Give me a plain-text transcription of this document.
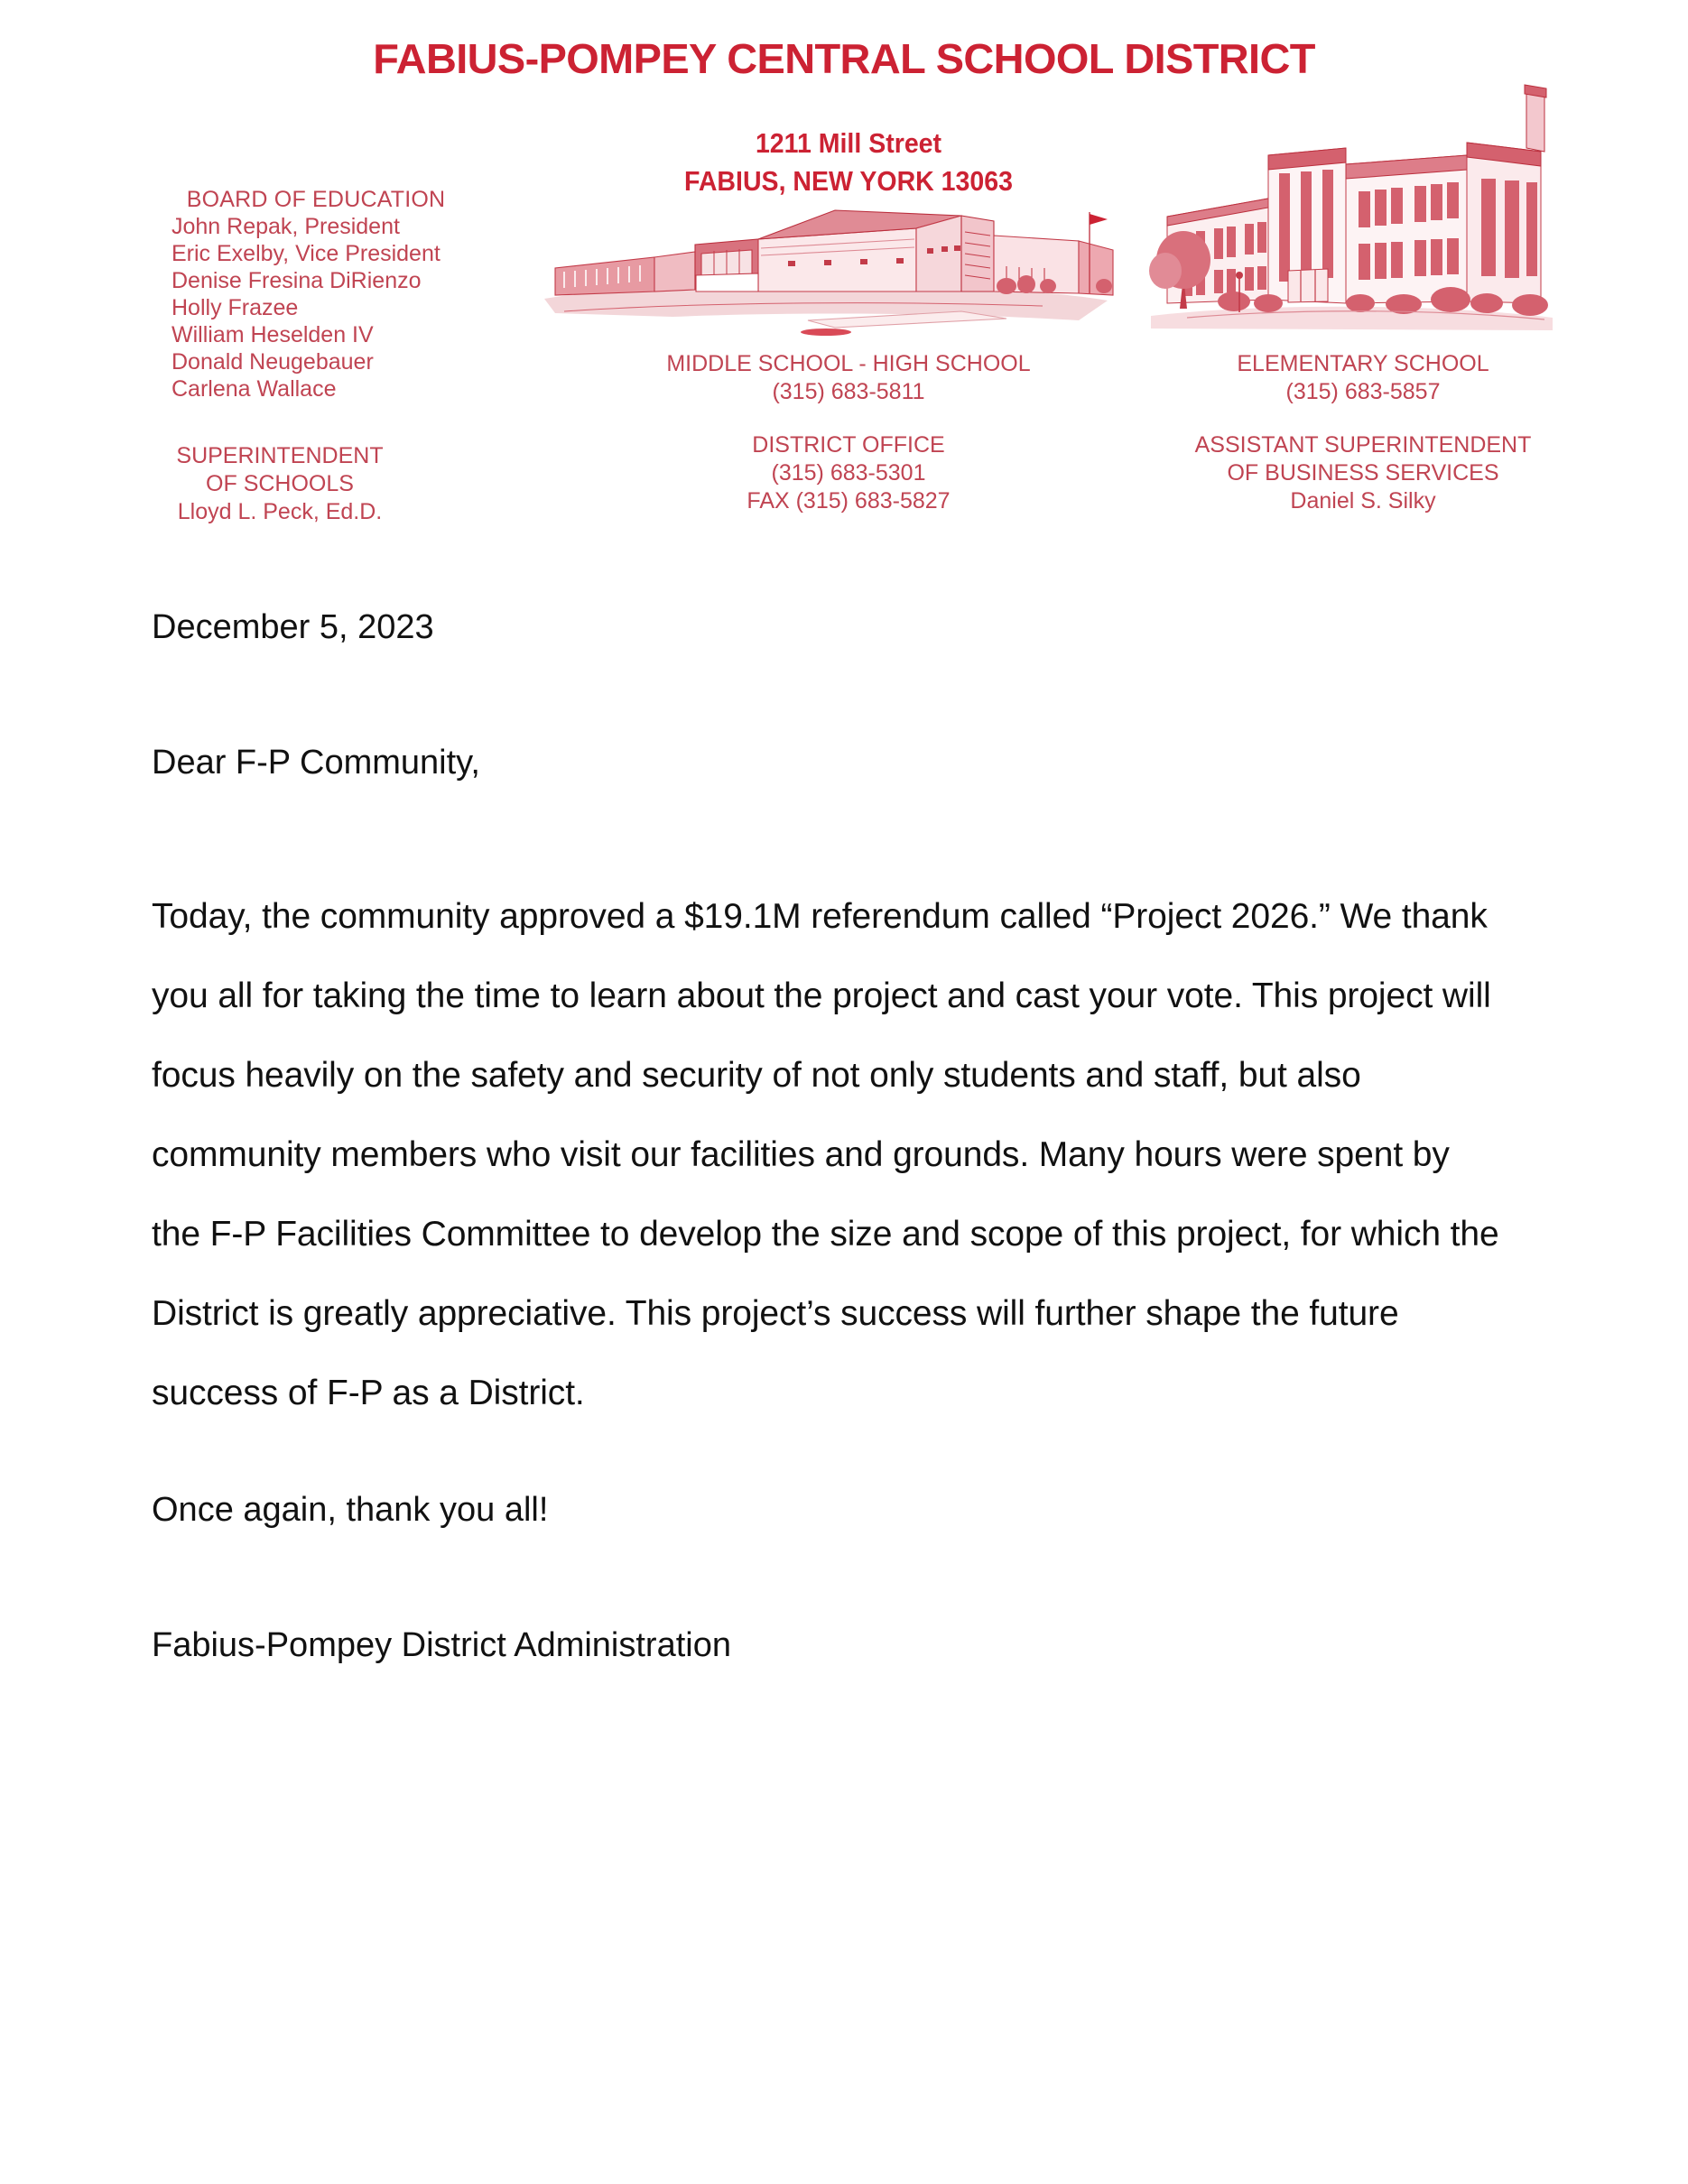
FABIUS-POMPEY CENTRAL SCHOOL DISTRICT
1211 Mill Street
FABIUS, NEW YORK 13063
BOARD OF EDUCATION
John Repak, President
Eric Exelby, Vice President
Denise Fresina DiRienzo
Holly Frazee
William Heselden IV
Donald Neugebauer
Carlena Wallace
SUPERINTENDENT
OF SCHOOLS
Lloyd L. Peck, Ed.D.
MIDDLE SCHOOL - HIGH SCHOOL
(315) 683-5811
DISTRICT OFFICE
(315) 683-5301
FAX (315) 683-5827
ELEMENTARY SCHOOL
(315) 683-5857
ASSISTANT SUPERINTENDENT
OF BUSINESS SERVICES
Daniel S. Silky
December 5, 2023
Dear F-P Community,

Today, the community approved a $19.1M referendum called “Project 2026.” We thank you all for taking the time to learn about the project and cast your vote. This project will focus heavily on the safety and security of not only students and staff, but also community members who visit our facilities and grounds. Many hours were spent by the F-P Facilities Committee to develop the size and scope of this project, for which the District is greatly appreciative. This project’s success will further shape the future success of F-P as a District.

Once again, thank you all!
Fabius-Pompey District Administration
